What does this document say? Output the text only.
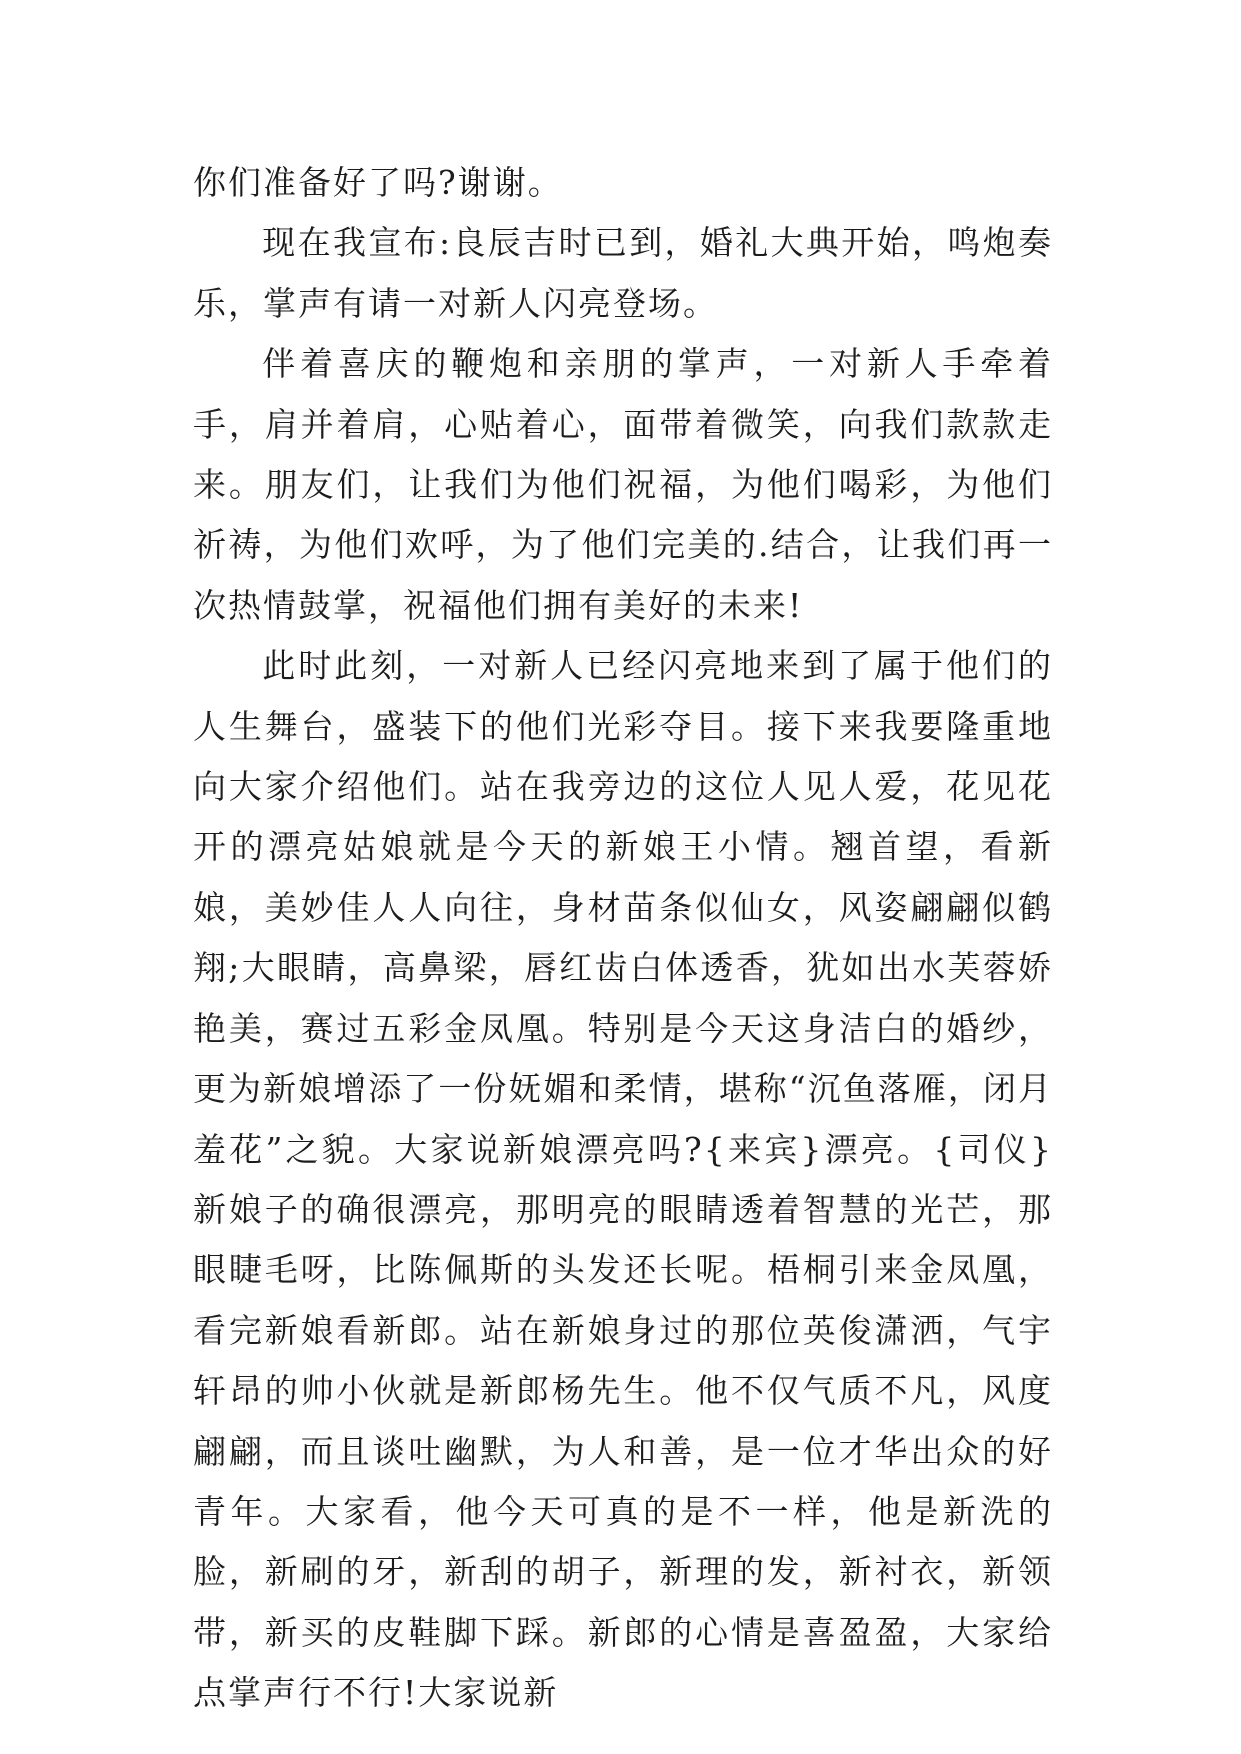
你们准备好了吗?谢谢。

现在我宣布:良辰吉时已到，婚礼大典开始，鸣炮奏乐，掌声有请一对新人闪亮登场。

伴着喜庆的鞭炮和亲朋的掌声，一对新人手牵着手，肩并着肩，心贴着心，面带着微笑，向我们款款走来。朋友们，让我们为他们祝福，为他们喝彩，为他们祈祷，为他们欢呼，为了他们完美的.结合，让我们再一次热情鼓掌，祝福他们拥有美好的未来!

此时此刻，一对新人已经闪亮地来到了属于他们的人生舞台，盛装下的他们光彩夺目。接下来我要隆重地向大家介绍他们。站在我旁边的这位人见人爱，花见花开的漂亮姑娘就是今天的新娘王小情。翘首望，看新娘，美妙佳人人向往，身材苗条似仙女，风姿翩翩似鹤翔;大眼睛，高鼻梁，唇红齿白体透香，犹如出水芙蓉娇艳美，赛过五彩金凤凰。特别是今天这身洁白的婚纱，更为新娘增添了一份妩媚和柔情，堪称“沉鱼落雁，闭月羞花”之貌。大家说新娘漂亮吗?{来宾}漂亮。{司仪}新娘子的确很漂亮，那明亮的眼睛透着智慧的光芒，那眼睫毛呀，比陈佩斯的头发还长呢。梧桐引来金凤凰，看完新娘看新郎。站在新娘身过的那位英俊潇洒，气宇轩昂的帅小伙就是新郎杨先生。他不仅气质不凡，风度翩翩，而且谈吐幽默，为人和善，是一位才华出众的好青年。大家看，他今天可真的是不一样，他是新洗的脸，新刷的牙，新刮的胡子，新理的发，新衬衣，新领带，新买的皮鞋脚下踩。新郎的心情是喜盈盈，大家给点掌声行不行!大家说新
